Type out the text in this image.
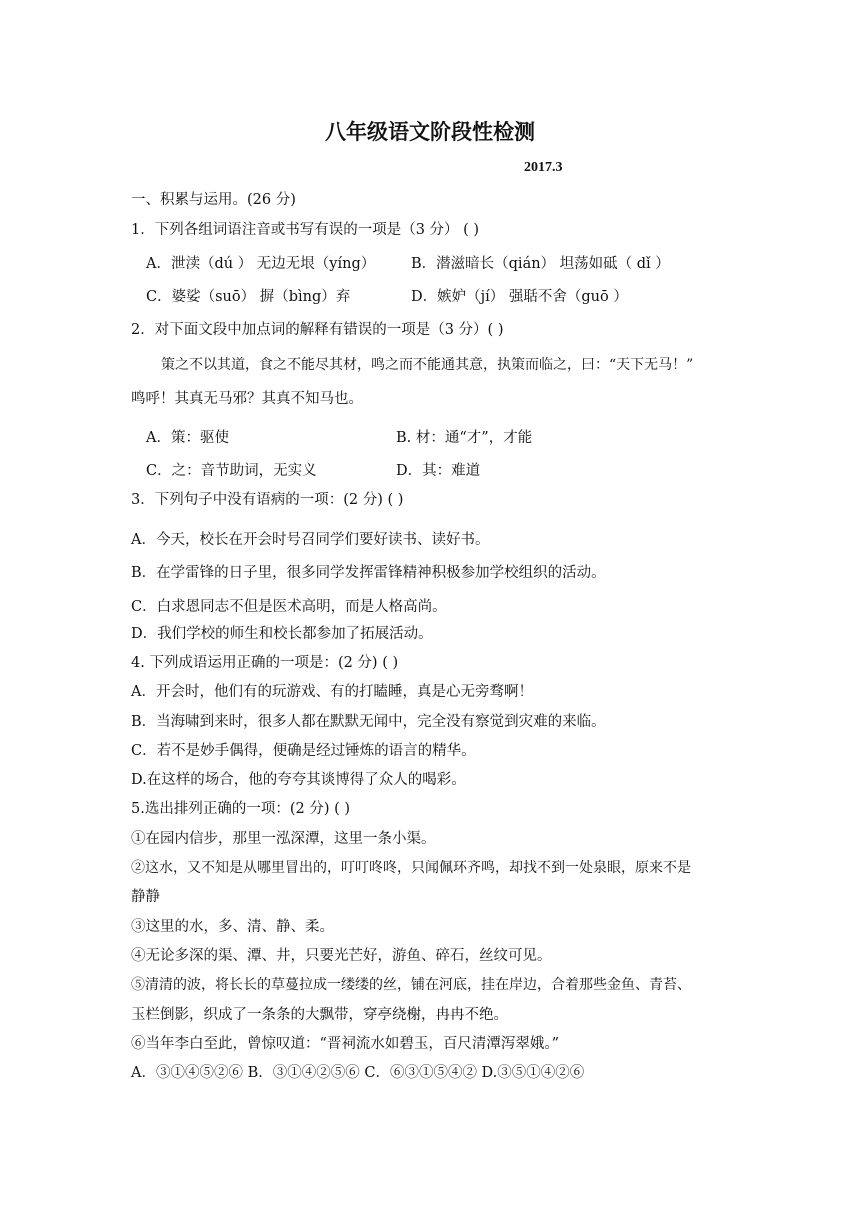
八年级语文阶段性检测
2017.3
一、积累与运用。(26 分)
1．下列各组词语注音或书写有误的一项是（3 分） ( )
A．泄渎（dú ） 无边无垠（yíng） B．潜滋暗长（qián） 坦荡如砥（ dǐ ）
C．婆娑（suō） 摒（bìng）弃	D．嫉妒（jí） 强聒不舍（guō ）
2．对下面文段中加点词的解释有错误的一项是（3 分）( )
策之不以其道，食之不能尽其材，鸣之而不能通其意，执策而临之，曰：“天下无马！”
鸣呼！其真无马邪？其真不知马也。
A．策：驱使	B. 材：通“才”，才能
C．之：音节助词，无实义	D．其：难道
3．下列句子中没有语病的一项：(2 分) ( )
A．今天，校长在开会时号召同学们要好读书、读好书。
B．在学雷锋的日子里，很多同学发挥雷锋精神积极参加学校组织的活动。
C．白求恩同志不但是医术高明，而是人格高尚。
D．我们学校的师生和校长都参加了拓展活动。
4. 下列成语运用正确的一项是：(2 分) ( )
A．开会时，他们有的玩游戏、有的打瞌睡，真是心无旁骛啊！
B．当海啸到来时，很多人都在默默无闻中，完全没有察觉到灾难的来临。
C．若不是妙手偶得，便确是经过锤炼的语言的精华。
D.在这样的场合，他的夸夸其谈博得了众人的喝彩。
5.选出排列正确的一项：(2 分) ( )
①在园内信步，那里一泓深潭，这里一条小渠。
②这水，又不知是从哪里冒出的，叮叮咚咚，只闻佩环齐鸣，却找不到一处泉眼，原来不是
静静
③这里的水，多、清、静、柔。
④无论多深的渠、潭、井，只要光芒好，游鱼、碎石，丝纹可见。
⑤清清的波，将长长的草蔓拉成一缕缕的丝，铺在河底，挂在岸边，合着那些金鱼、青苔、
玉栏倒影，织成了一条条的大飘带，穿亭绕榭，冉冉不绝。
⑥当年李白至此，曾惊叹道：“晋祠流水如碧玉，百尺清潭泻翠娥。”
A．③①④⑤②⑥ B．③①④②⑤⑥ C．⑥③①⑤④② D.③⑤①④②⑥
